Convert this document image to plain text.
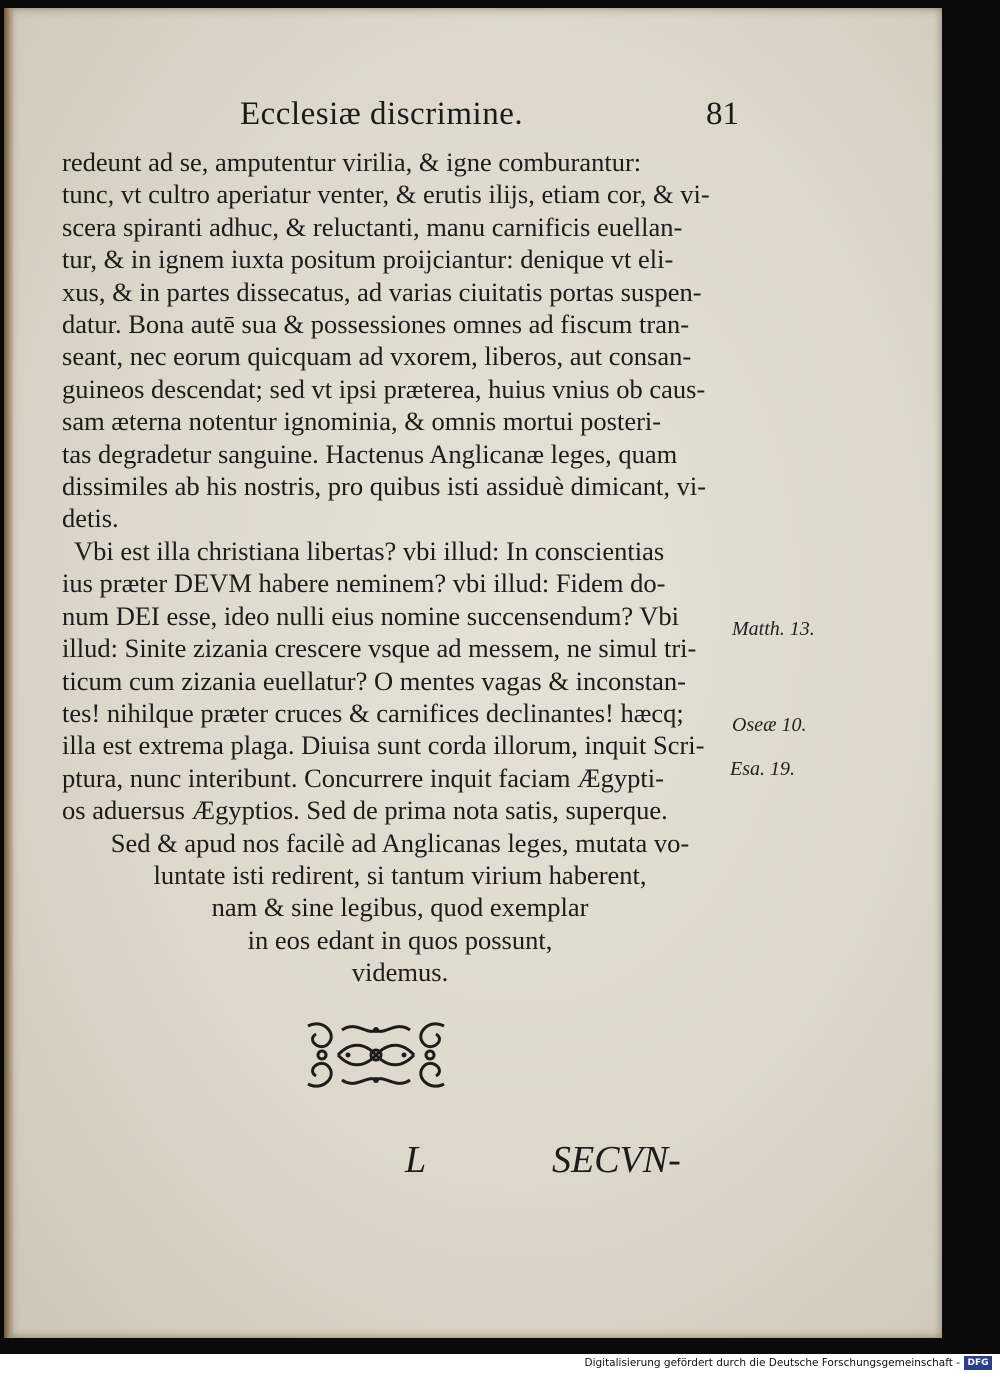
Ecclesiæ discrimine.	81
redeunt ad se, amputentur virilia, & igne comburantur:
tunc, vt cultro aperiatur venter, & erutis ilijs, etiam cor, & vi-
scera spiranti adhuc, & reluctanti, manu carnificis euellan-
tur, & in ignem iuxta positum proijciantur: denique vt eli-
xus, & in partes dissecatus, ad varias ciuitatis portas suspen-
datur. Bona autē sua & possessiones omnes ad fiscum tran-
seant, nec eorum quicquam ad vxorem, liberos, aut consan-
guineos descendat; sed vt ipsi præterea, huius vnius ob caus-
sam æterna notentur ignominia, & omnis mortui posteri-
tas degradetur sanguine. Hactenus Anglicanæ leges, quam
dissimiles ab his nostris, pro quibus isti assiduè dimicant, vi-
detis.
Vbi est illa christiana libertas? vbi illud: In conscientias
ius præter DEVM habere neminem? vbi illud: Fidem do-
num DEI esse, ideo nulli eius nomine succensendum? Vbi
illud: Sinite zizania crescere vsque ad messem, ne simul tri-
ticum cum zizania euellatur? O mentes vagas & inconstan-
tes! nihilque præter cruces & carnifices declinantes! hæcq;
illa est extrema plaga. Diuisa sunt corda illorum, inquit Scri-
ptura, nunc interibunt. Concurrere inquit faciam Ægypti-
os aduersus Ægyptios. Sed de prima nota satis, superque.
Sed & apud nos facilè ad Anglicanas leges, mutata vo-
luntate isti redirent, si tantum virium haberent,
nam & sine legibus, quod exemplar
in eos edant in quos possunt,
videmus.
Matth. 13.
Oseæ 10.
Esa. 19.
L	SECVN-
Digitalisierung gefördert durch die Deutsche Forschungsgemeinschaft - DFG
